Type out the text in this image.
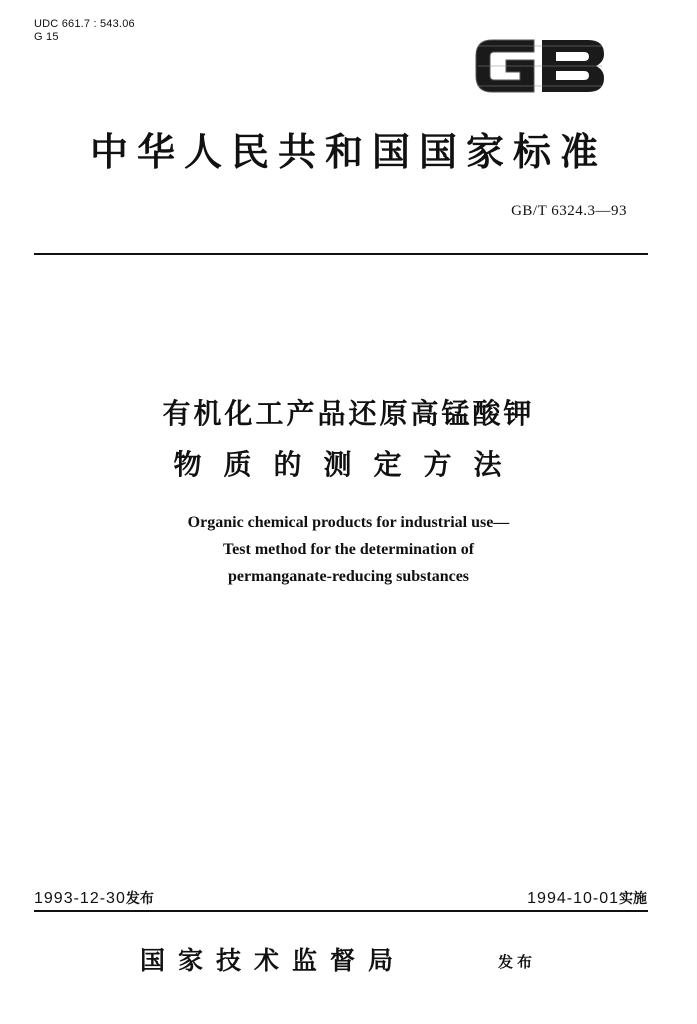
UDC 661.7 : 543.06
G 15
中华人民共和国国家标准
GB/T 6324.3—93
有机化工产品还原高锰酸钾
物质的测定方法
Organic chemical products for industrial use—
Test method for the determination of
permanganate-reducing substances
1993-12-30发布	1994-10-01实施
国家技术监督局	发布
